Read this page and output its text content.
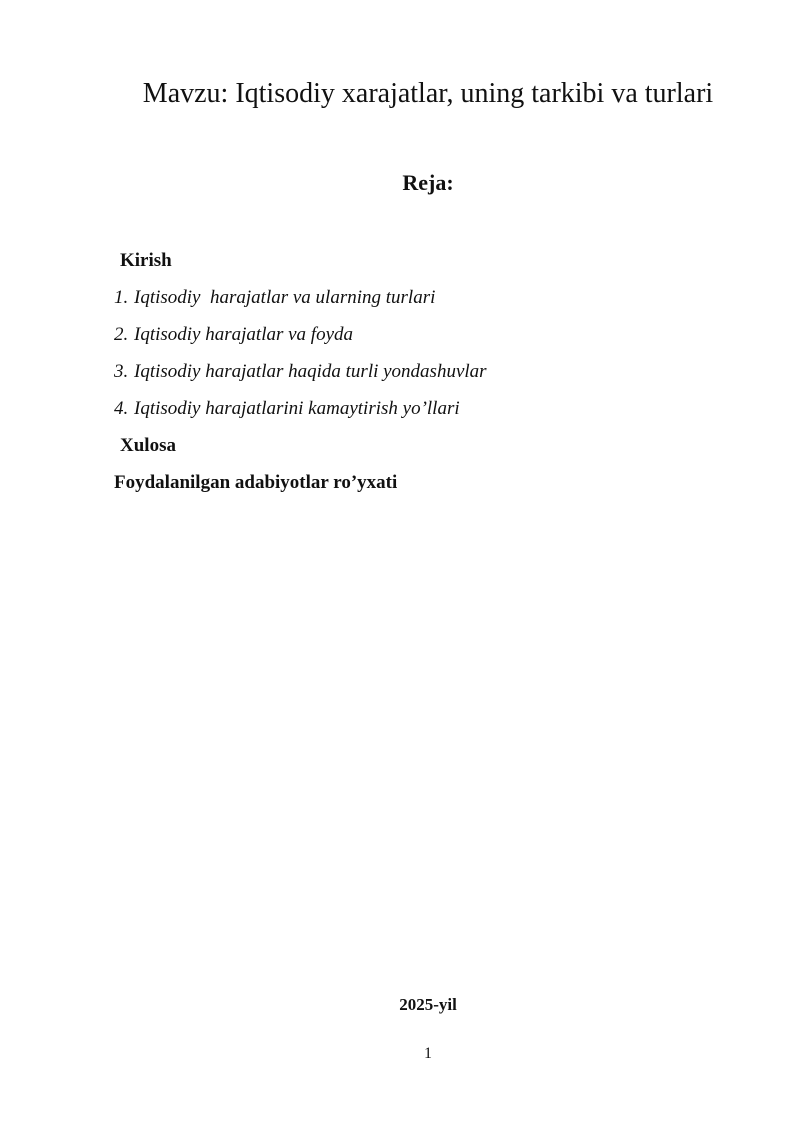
Mavzu: Iqtisodiy xarajatlar, uning tarkibi va turlari
Reja:
Kirish
1. Iqtisodiy  harajatlar va ularning turlari
2. Iqtisodiy harajatlar va foyda
3. Iqtisodiy harajatlar haqida turli yondashuvlar
4. Iqtisodiy harajatlarini kamaytirish yo’llari
Xulosa
Foydalanilgan adabiyotlar ro’yxati
2025-yil
1
